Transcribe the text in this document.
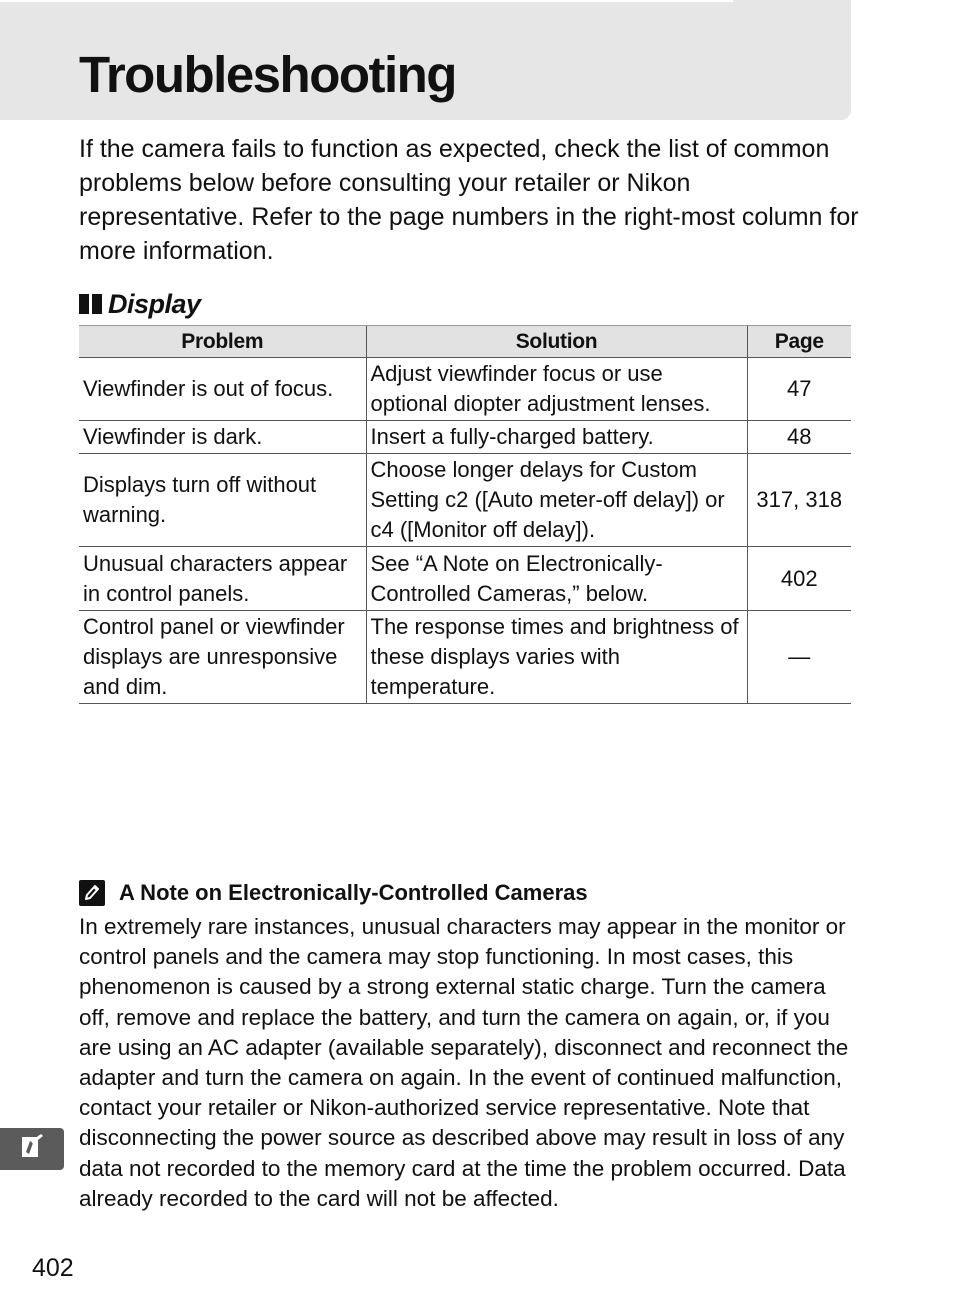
Troubleshooting

If the camera fails to function as expected, check the list of common problems below before consulting your retailer or Nikon representative. Refer to the page numbers in the right-most column for more information.

Display
Problem	Solution	Page
Viewfinder is out of focus.	Adjust viewfinder focus or use optional diopter adjustment lenses.	47
Viewfinder is dark.	Insert a fully-charged battery.	48
Displays turn off without warning.	Choose longer delays for Custom Setting c2 ([Auto meter-off delay]) or c4 ([Monitor off delay]).	317, 318
Unusual characters appear in control panels.	See “A Note on Electronically-Controlled Cameras,” below.	402
Control panel or viewfinder displays are unresponsive and dim.	The response times and brightness of these displays varies with temperature.	—
A Note on Electronically-Controlled Cameras

In extremely rare instances, unusual characters may appear in the monitor or control panels and the camera may stop functioning. In most cases, this phenomenon is caused by a strong external static charge. Turn the camera off, remove and replace the battery, and turn the camera on again, or, if you are using an AC adapter (available separately), disconnect and reconnect the adapter and turn the camera on again. In the event of continued malfunction, contact your retailer or Nikon-authorized service representative. Note that disconnecting the power source as described above may result in loss of any data not recorded to the memory card at the time the problem occurred. Data already recorded to the card will not be affected.

402
